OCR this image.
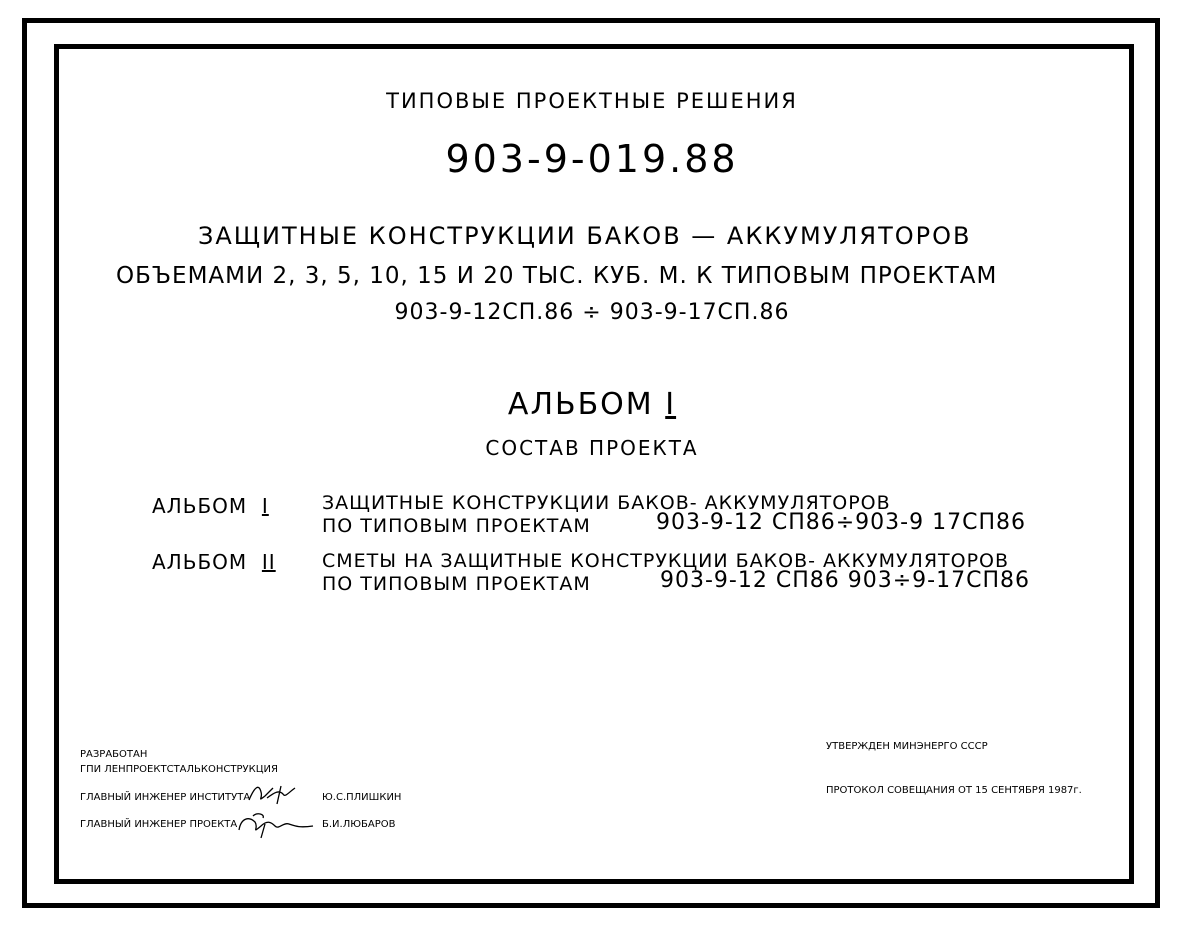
ТИПОВЫЕ ПРОЕКТНЫЕ РЕШЕНИЯ
903-9-019.88
ЗАЩИТНЫЕ КОНСТРУКЦИИ БАКОВ — АККУМУЛЯТОРОВ
ОБЪЕМАМИ 2, 3, 5, 10, 15 И 20 ТЫС. КУБ. М. К ТИПОВЫМ ПРОЕКТАМ
903-9-12СП.86 ÷ 903-9-17СП.86
АЛЬБОМ I
СОСТАВ ПРОЕКТА
АЛЬБОМ I	ЗАЩИТНЫЕ КОНСТРУКЦИИ БАКОВ- АККУМУЛЯТОРОВ
ПО ТИПОВЫМ ПРОЕКТАМ	903-9-12 СП86÷903-9 17СП86
АЛЬБОМ II СМЕТЫ НА ЗАЩИТНЫЕ КОНСТРУКЦИИ БАКОВ- АККУМУЛЯТОРОВ
ПО ТИПОВЫМ ПРОЕКТАМ	903-9-12 СП86 903÷9-17СП86
РАЗРАБОТАН
ГПИ ЛЕНПРОЕКТСТАЛЬКОНСТРУКЦИЯ
ГЛАВНЫЙ ИНЖЕНЕР ИНСТИТУТА	Ю.С.ПЛИШКИН
ГЛАВНЫЙ ИНЖЕНЕР ПРОЕКТА	Б.И.ЛЮБАРОВ
УТВЕРЖДЕН МИНЭНЕРГО СССР
ПРОТОКОЛ СОВЕЩАНИЯ ОТ 15 СЕНТЯБРЯ 1987г.
